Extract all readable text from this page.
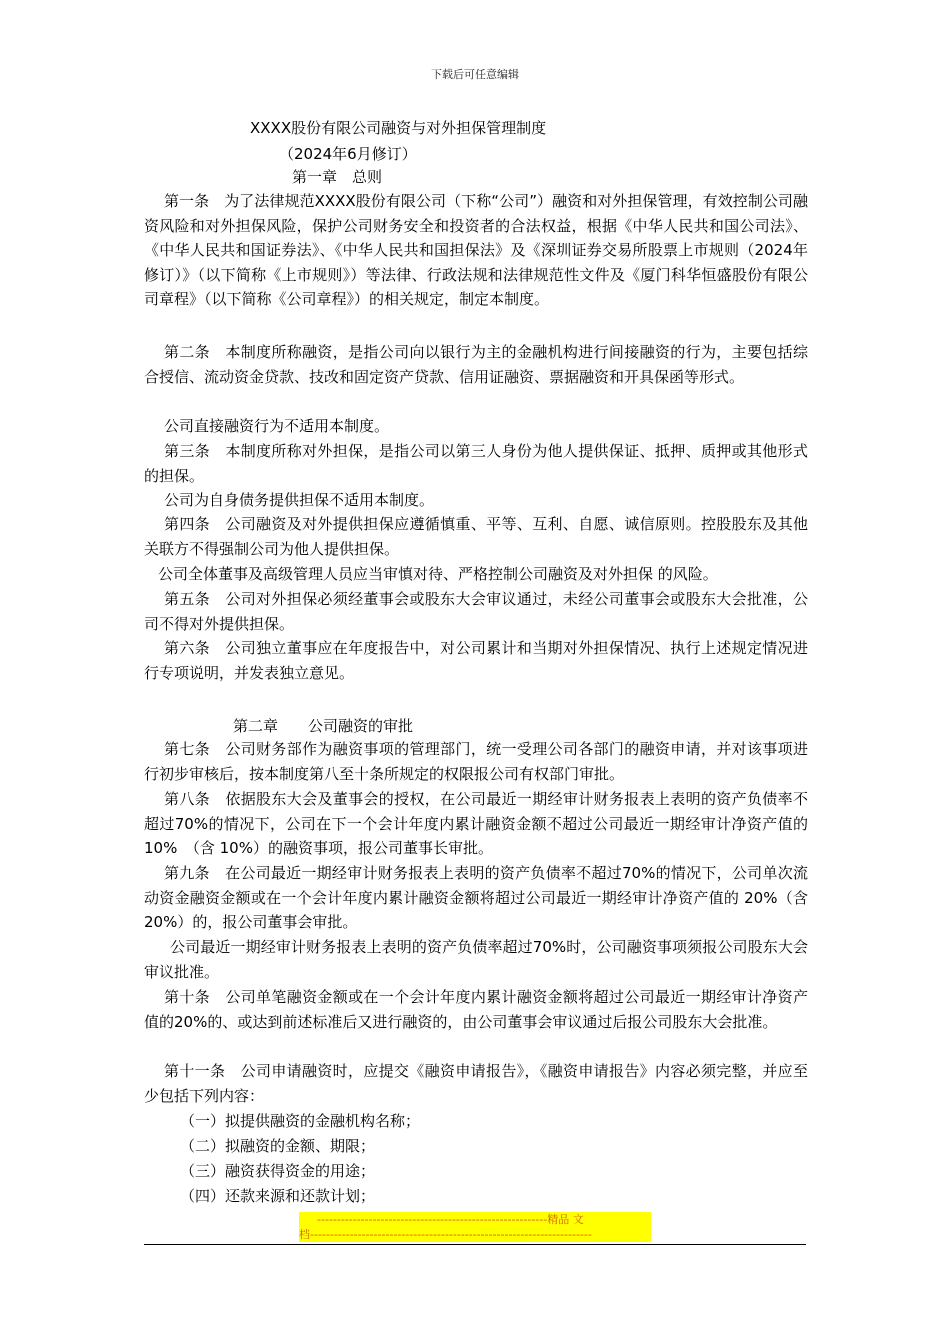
下载后可任意编辑
XXXX股份有限公司融资与对外担保管理制度
（2024年6月修订）
第一章　总则

第一条　为了法律规范XXXX股份有限公司（下称“公司”）融资和对外担保管理，有效控制公司融资风险和对外担保风险，保护公司财务安全和投资者的合法权益，根据《中华人民共和国公司法》、《中华人民共和国证券法》、《中华人民共和国担保法》及《深圳证券交易所股票上市规则（2024年修订）》（以下简称《上市规则》）等法律、行政法规和法律规范性文件及《厦门科华恒盛股份有限公司章程》（以下简称《公司章程》）的相关规定，制定本制度。

第二条　本制度所称融资，是指公司向以银行为主的金融机构进行间接融资的行为，主要包括综合授信、流动资金贷款、技改和固定资产贷款、信用证融资、票据融资和开具保函等形式。

公司直接融资行为不适用本制度。

第三条　本制度所称对外担保，是指公司以第三人身份为他人提供保证、抵押、质押或其他形式的担保。

公司为自身债务提供担保不适用本制度。

第四条　公司融资及对外提供担保应遵循慎重、平等、互利、自愿、诚信原则。控股股东及其他关联方不得强制公司为他人提供担保。

公司全体董事及高级管理人员应当审慎对待、严格控制公司融资及对外担保 的风险。

第五条　公司对外担保必须经董事会或股东大会审议通过，未经公司董事会或股东大会批准，公司不得对外提供担保。

第六条　公司独立董事应在年度报告中，对公司累计和当期对外担保情况、执行上述规定情况进行专项说明，并发表独立意见。

第二章　　公司融资的审批

第七条　公司财务部作为融资事项的管理部门，统一受理公司各部门的融资申请，并对该事项进行初步审核后，按本制度第八至十条所规定的权限报公司有权部门审批。

第八条　依据股东大会及董事会的授权，在公司最近一期经审计财务报表上表明的资产负债率不超过70%的情况下，公司在下一个会计年度内累计融资金额不超过公司最近一期经审计净资产值的 10%　（含 10%）的融资事项，报公司董事长审批。

第九条　在公司最近一期经审计财务报表上表明的资产负债率不超过70%的情况下，公司单次流动资金融资金额或在一个会计年度内累计融资金额将超过公司最近一期经审计净资产值的 20%（含 20%）的，报公司董事会审批。

公司最近一期经审计财务报表上表明的资产负债率超过70%时，公司融资事项须报公司股东大会审议批准。

第十条　公司单笔融资金额或在一个会计年度内累计融资金额将超过公司最近一期经审计净资产值的20%的、或达到前述标准后又进行融资的，由公司董事会审议通过后报公司股东大会批准。

第十一条　公司申请融资时，应提交《融资申请报告》，《融资申请报告》内容必须完整，并应至少包括下列内容：

（一）拟提供融资的金融机构名称；
（二）拟融资的金额、期限；
（三）融资获得资金的用途；
（四）还款来源和还款计划；
----------------------------------------------------------精品 文
档-----------------------------------------------------------------------
